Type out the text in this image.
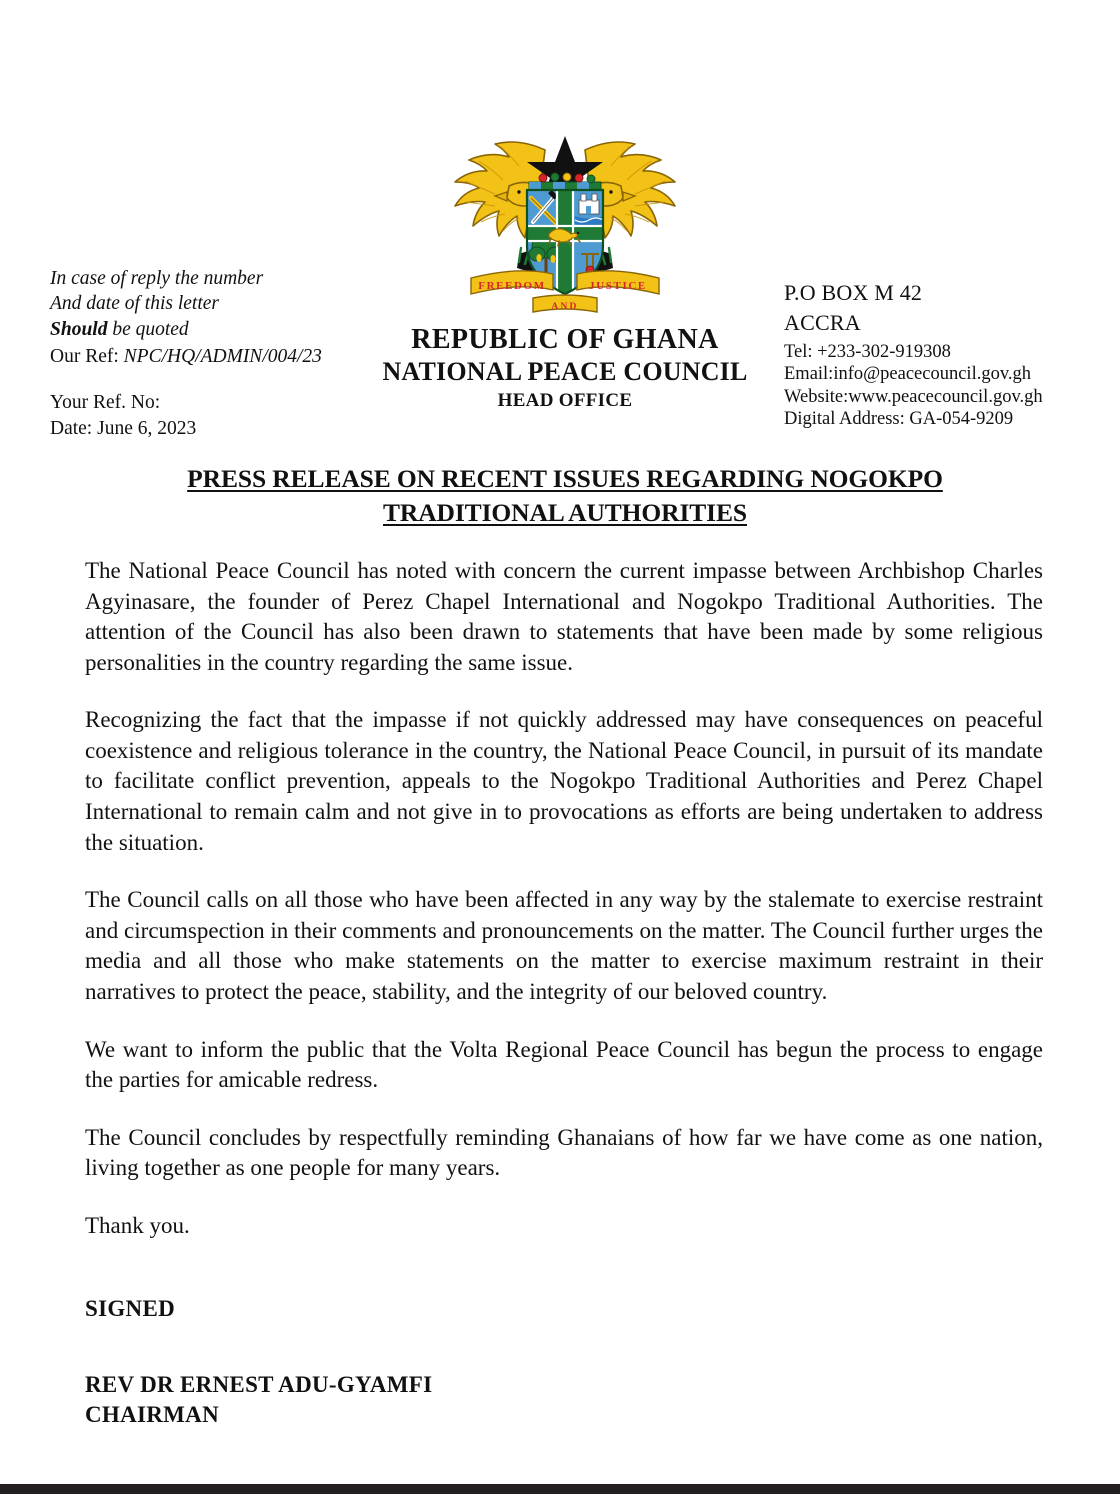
FREEDOM	JUSTICE
AND
REPUBLIC OF GHANA
NATIONAL PEACE COUNCIL
HEAD OFFICE
In case of reply the number
And date of this letter
Should be quoted
Our Ref: NPC/HQ/ADMIN/004/23
Your Ref. No:
Date: June 6, 2023
P.O BOX M 42
ACCRA
Tel: +233-302-919308
Email:info@peacecouncil.gov.gh
Website:www.peacecouncil.gov.gh
Digital Address: GA-054-9209
PRESS RELEASE ON RECENT ISSUES REGARDING NOGOKPO
TRADITIONAL AUTHORITIES

The National Peace Council has noted with concern the current impasse between Archbishop Charles Agyinasare, the founder of Perez Chapel International and Nogokpo Traditional Authorities. The attention of the Council has also been drawn to statements that have been made by some religious personalities in the country regarding the same issue.

Recognizing the fact that the impasse if not quickly addressed may have consequences on peaceful coexistence and religious tolerance in the country, the National Peace Council, in pursuit of its mandate to facilitate conflict prevention, appeals to the Nogokpo Traditional Authorities and Perez Chapel International to remain calm and not give in to provocations as efforts are being undertaken to address the situation.

The Council calls on all those who have been affected in any way by the stalemate to exercise restraint and circumspection in their comments and pronouncements on the matter. The Council further urges the media and all those who make statements on the matter to exercise maximum restraint in their narratives to protect the peace, stability, and the integrity of our beloved country.

We want to inform the public that the Volta Regional Peace Council has begun the process to engage the parties for amicable redress.

The Council concludes by respectfully reminding Ghanaians of how far we have come as one nation, living together as one people for many years.

Thank you.

SIGNED

REV DR ERNEST ADU-GYAMFI

CHAIRMAN
